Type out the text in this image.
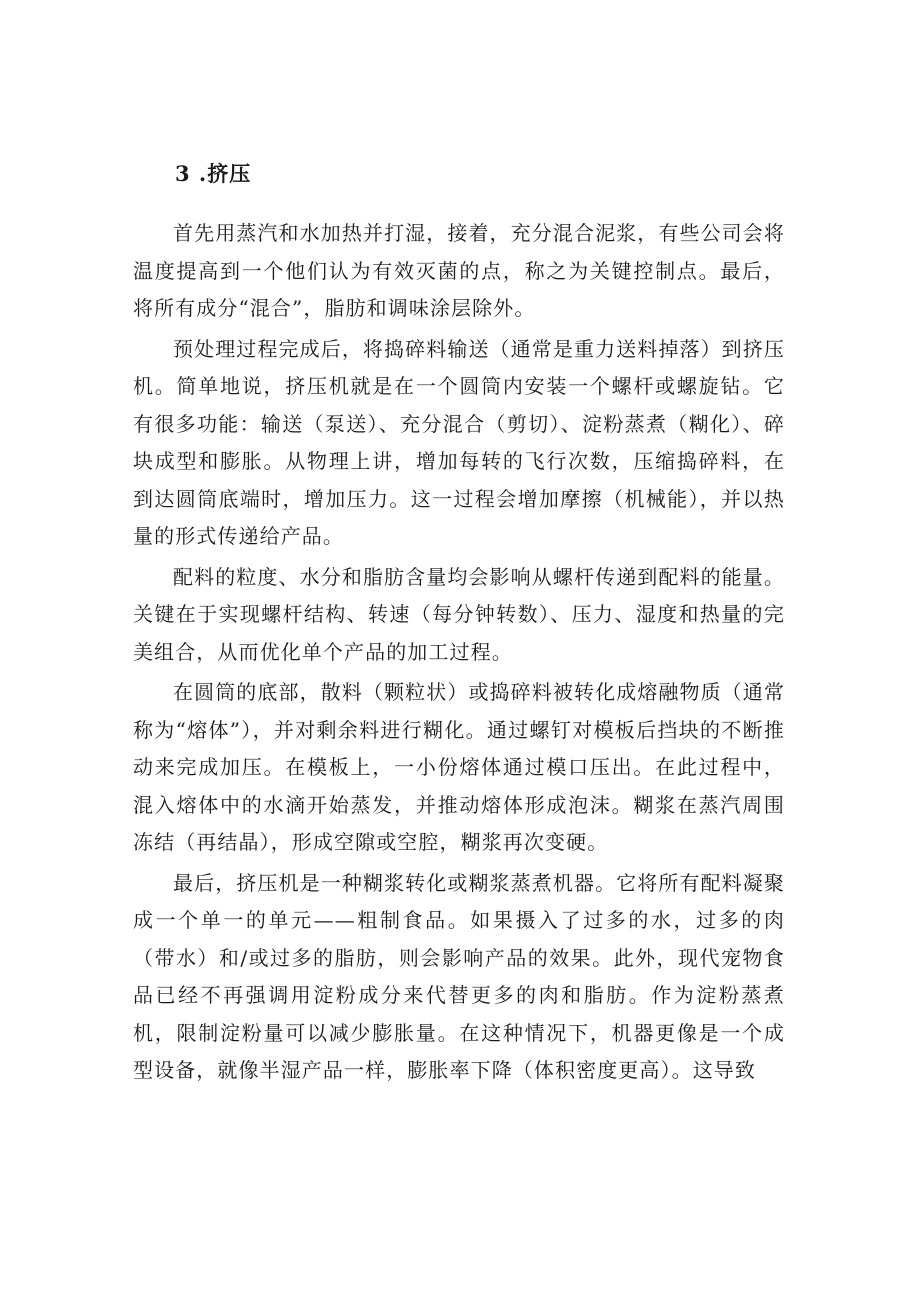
3 .挤压

首先用蒸汽和水加热并打湿，接着，充分混合泥浆，有些公司会将温度提高到一个他们认为有效灭菌的点，称之为关键控制点。最后，将所有成分“混合”，脂肪和调味涂层除外。

预处理过程完成后，将捣碎料输送（通常是重力送料掉落）到挤压机。简单地说，挤压机就是在一个圆筒内安装一个螺杆或螺旋钻。它有很多功能：输送（泵送）、充分混合（剪切）、淀粉蒸煮（糊化）、碎块成型和膨胀。从物理上讲，增加每转的飞行次数，压缩捣碎料，在到达圆筒底端时，增加压力。这一过程会增加摩擦（机械能），并以热量的形式传递给产品。

配料的粒度、水分和脂肪含量均会影响从螺杆传递到配料的能量。关键在于实现螺杆结构、转速（每分钟转数）、压力、湿度和热量的完美组合，从而优化单个产品的加工过程。

在圆筒的底部，散料（颗粒状）或捣碎料被转化成熔融物质（通常称为“熔体”），并对剩余料进行糊化。通过螺钉对模板后挡块的不断推动来完成加压。在模板上，一小份熔体通过模口压出。在此过程中，混入熔体中的水滴开始蒸发，并推动熔体形成泡沫。糊浆在蒸汽周围冻结（再结晶），形成空隙或空腔，糊浆再次变硬。

最后，挤压机是一种糊浆转化或糊浆蒸煮机器。它将所有配料凝聚成一个单一的单元——粗制食品。如果摄入了过多的水，过多的肉（带水）和/或过多的脂肪，则会影响产品的效果。此外，现代宠物食品已经不再强调用淀粉成分来代替更多的肉和脂肪。作为淀粉蒸煮机，限制淀粉量可以减少膨胀量。在这种情况下，机器更像是一个成型设备，就像半湿产品一样，膨胀率下降（体积密度更高）。这导致
